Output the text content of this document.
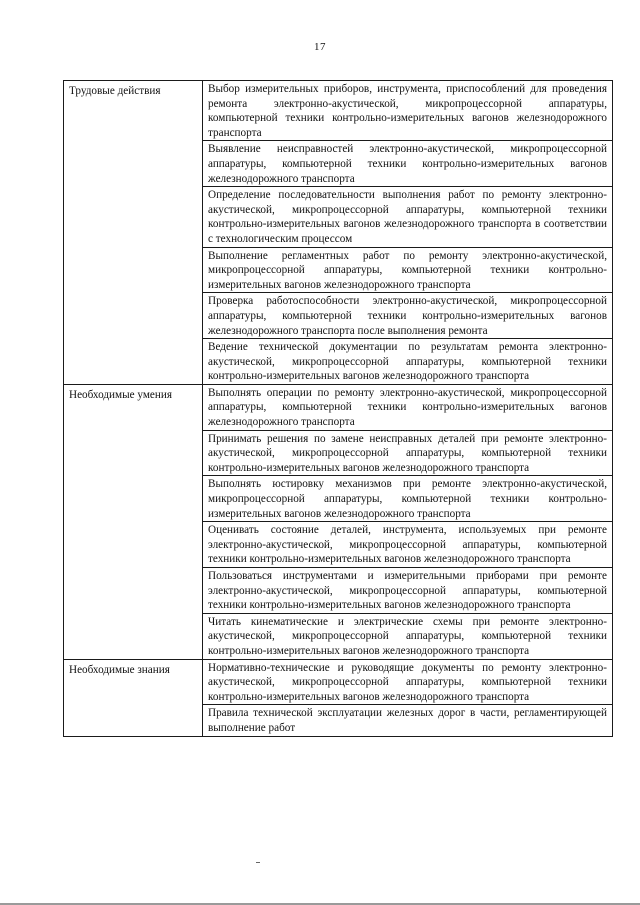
17
Трудовые действия	Выбор измерительных приборов, инструмента, приспособлений для проведения ремонта электронно-акустической, микропроцессорной аппаратуры, компьютерной техники контрольно-измерительных вагонов железнодорожного транспорта
	Выявление неисправностей электронно-акустической, микропроцессорной аппаратуры, компьютерной техники контрольно-измерительных вагонов железнодорожного транспорта
	Определение последовательности выполнения работ по ремонту электронно-акустической, микропроцессорной аппаратуры, компьютерной техники контрольно-измерительных вагонов железнодорожного транспорта в соответствии с технологическим процессом
	Выполнение регламентных работ по ремонту электронно-акустической, микропроцессорной аппаратуры, компьютерной техники контрольно-измерительных вагонов железнодорожного транспорта
	Проверка работоспособности электронно-акустической, микропроцессорной аппаратуры, компьютерной техники контрольно-измерительных вагонов железнодорожного транспорта после выполнения ремонта
	Ведение технической документации по результатам ремонта электронно-акустической, микропроцессорной аппаратуры, компьютерной техники контрольно-измерительных вагонов железнодорожного транспорта
Необходимые умения	Выполнять операции по ремонту электронно-акустической, микропроцессорной аппаратуры, компьютерной техники контрольно-измерительных вагонов железнодорожного транспорта
	Принимать решения по замене неисправных деталей при ремонте электронно-акустической, микропроцессорной аппаратуры, компьютерной техники контрольно-измерительных вагонов железнодорожного транспорта
	Выполнять юстировку механизмов при ремонте электронно-акустической, микропроцессорной аппаратуры, компьютерной техники контрольно-измерительных вагонов железнодорожного транспорта
	Оценивать состояние деталей, инструмента, используемых при ремонте электронно-акустической, микропроцессорной аппаратуры, компьютерной техники контрольно-измерительных вагонов железнодорожного транспорта
	Пользоваться инструментами и измерительными приборами при ремонте электронно-акустической, микропроцессорной аппаратуры, компьютерной техники контрольно-измерительных вагонов железнодорожного транспорта
	Читать кинематические и электрические схемы при ремонте электронно-акустической, микропроцессорной аппаратуры, компьютерной техники контрольно-измерительных вагонов железнодорожного транспорта
Необходимые знания	Нормативно-технические и руководящие документы по ремонту электронно-акустической, микропроцессорной аппаратуры, компьютерной техники контрольно-измерительных вагонов железнодорожного транспорта
	Правила технической эксплуатации железных дорог в части, регламентирующей выполнение работ
